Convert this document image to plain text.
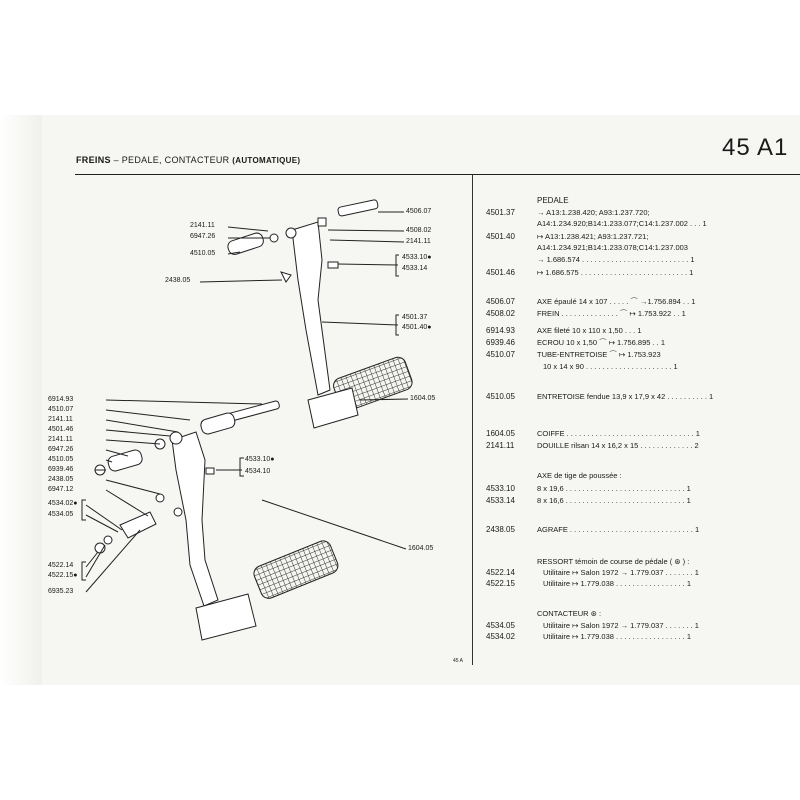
FREINS – PEDALE, CONTACTEUR (AUTOMATIQUE)	45 A1
2141.11
6947.26
4510.05
2438.05
4506.07
4508.02
2141.11
4533.10●
4533.14
4501.37
4501.40●
1604.05
6914.93
4510.07
2141.11
4501.46
2141.11
6947.26
4510.05
6939.46
2438.05
6947.12
4534.02●
4534.05
4522.14
4522.15●
6935.23
4533.10●
4534.10
1604.05
45 A
PEDALE
4501.37	→ A13:1.238.420; A93:1.237.720;
A14:1.234.920;B14:1.233.077;C14:1.237.002 . . . 1
4501.40	↦ A13:1.238.421; A93:1.237.721;
A14:1.234.921;B14:1.233.078;C14:1.237.003
→ 1.686.574 . . . . . . . . . . . . . . . . . . . . . . . . . . 1
4501.46	↦ 1.686.575 . . . . . . . . . . . . . . . . . . . . . . . . . . 1
4506.07	AXE épaulé 14 x 107 . . . . . ⌒ →1.756.894 . . 1
4508.02	FREIN . . . . . . . . . . . . . . ⌒ ↦ 1.753.922 . . 1
6914.93	AXE fileté 10 x 110 x 1,50 . . . 1
6939.46	ECROU 10 x 1,50 ⌒ ↦ 1.756.895 . . 1
4510.07	TUBE-ENTRETOISE ⌒ ↦ 1.753.923
10 x 14 x 90 . . . . . . . . . . . . . . . . . . . . . 1
4510.05	ENTRETOISE fendue 13,9 x 17,9 x 42 . . . . . . . . . . 1
1604.05	COIFFE . . . . . . . . . . . . . . . . . . . . . . . . . . . . . . . 1
2141.11	DOUILLE rilsan 14 x 16,2 x 15 . . . . . . . . . . . . . 2
AXE de tige de poussée :
4533.10	8 x 19,6 . . . . . . . . . . . . . . . . . . . . . . . . . . . . . 1
4533.14	8 x 16,6 . . . . . . . . . . . . . . . . . . . . . . . . . . . . . 1
2438.05	AGRAFE . . . . . . . . . . . . . . . . . . . . . . . . . . . . . . 1
RESSORT témoin de course de pédale ( ⊛ ) :
4522.14	Utilitaire ↦ Salon 1972 → 1.779.037 . . . . . . . 1
4522.15	Utilitaire ↦ 1.779.038 . . . . . . . . . . . . . . . . . 1
CONTACTEUR ⊛ :
4534.05	Utilitaire ↦ Salon 1972 → 1.779.037 . . . . . . . 1
4534.02	Utilitaire ↦ 1.779.038 . . . . . . . . . . . . . . . . . 1
